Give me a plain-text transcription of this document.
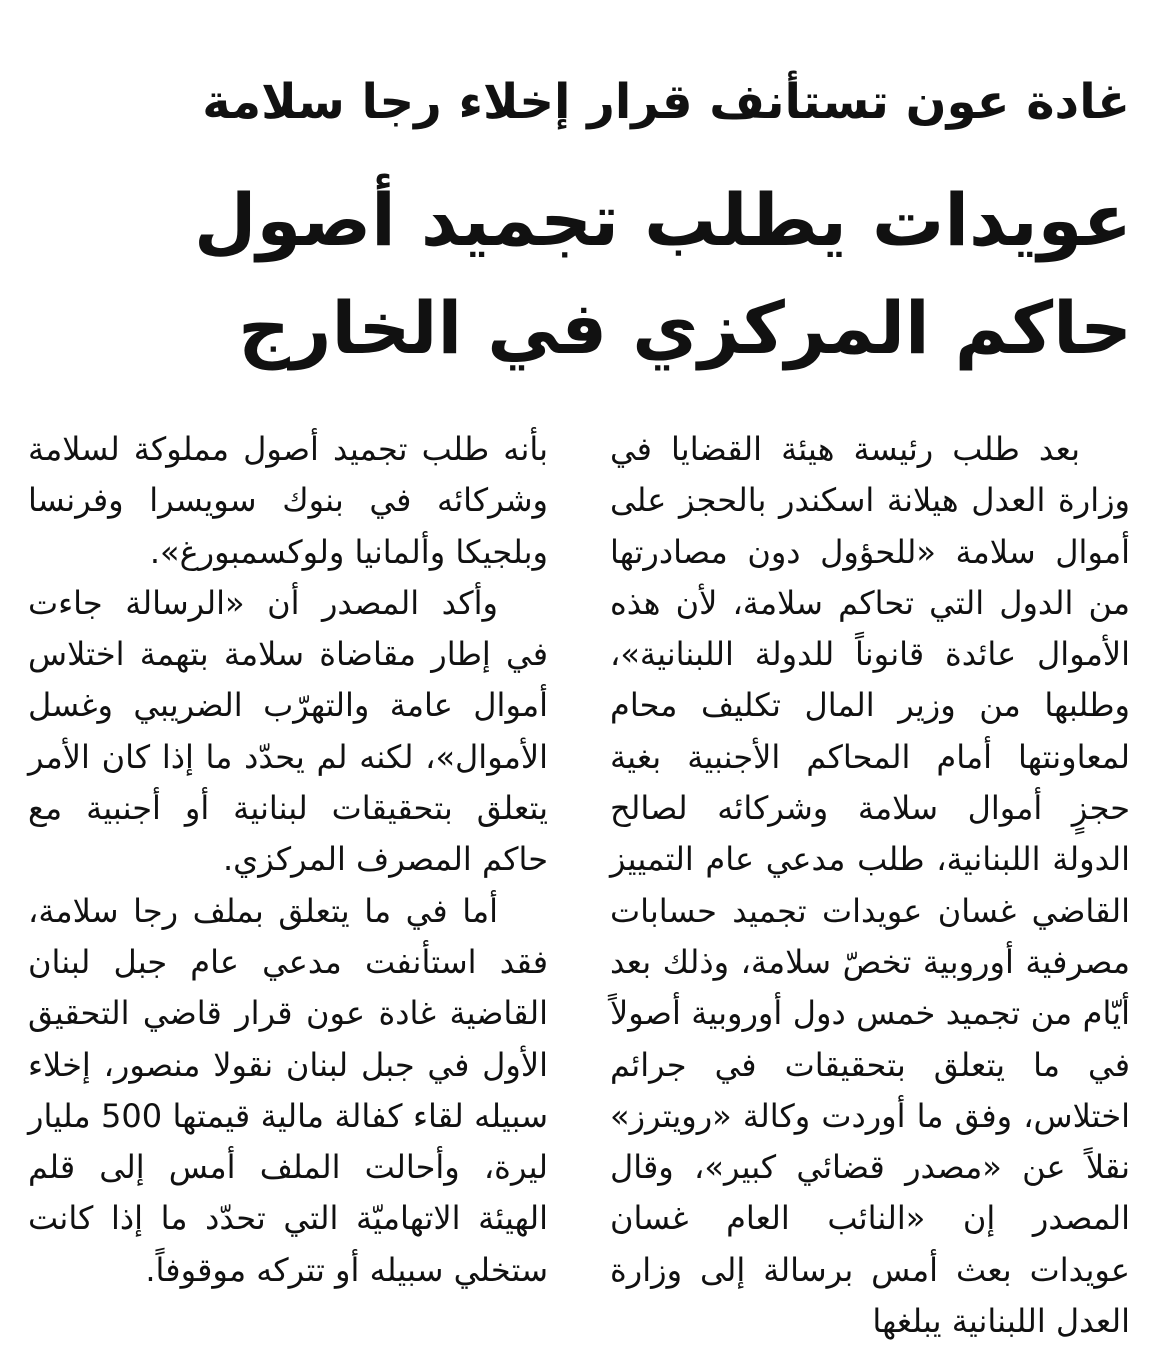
غادة عون تستأنف قرار إخلاء رجا سلامة
عويدات يطلب تجميد أصول حاكم المركزي في الخارج

بعد طلب رئيسة هيئة القضايا في وزارة العدل هيلانة اسكندر بالحجز على أموال سلامة «للحؤول دون مصادرتها من الدول التي تحاكم سلامة، لأن هذه الأموال عائدة قانوناً للدولة اللبنانية»، وطلبها من وزير المال تكليف محام لمعاونتها أمام المحاكم الأجنبية بغية حجزٍ أموال سلامة وشركائه لصالح الدولة اللبنانية، طلب مدعي عام التمييز القاضي غسان عويدات تجميد حسابات مصرفية أوروبية تخصّ سلامة، وذلك بعد أيّام من تجميد خمس دول أوروبية أصولاً في ما يتعلق بتحقيقات في جرائم اختلاس، وفق ما أوردت وكالة «رويترز» نقلاً عن «مصدر قضائي كبير»، وقال المصدر إن «النائب العام غسان عويدات بعث أمس برسالة إلى وزارة العدل اللبنانية يبلغها

بأنه طلب تجميد أصول مملوكة لسلامة وشركائه في بنوك سويسرا وفرنسا وبلجيكا وألمانيا ولوكسمبورغ».

وأكد المصدر أن «الرسالة جاءت في إطار مقاضاة سلامة بتهمة اختلاس أموال عامة والتهرّب الضريبي وغسل الأموال»، لكنه لم يحدّد ما إذا كان الأمر يتعلق بتحقيقات لبنانية أو أجنبية مع حاكم المصرف المركزي.

أما في ما يتعلق بملف رجا سلامة، فقد استأنفت مدعي عام جبل لبنان القاضية غادة عون قرار قاضي التحقيق الأول في جبل لبنان نقولا منصور، إخلاء سبيله لقاء كفالة مالية قيمتها 500 مليار ليرة، وأحالت الملف أمس إلى قلم الهيئة الاتهاميّة التي تحدّد ما إذا كانت ستخلي سبيله أو تتركه موقوفاً.
